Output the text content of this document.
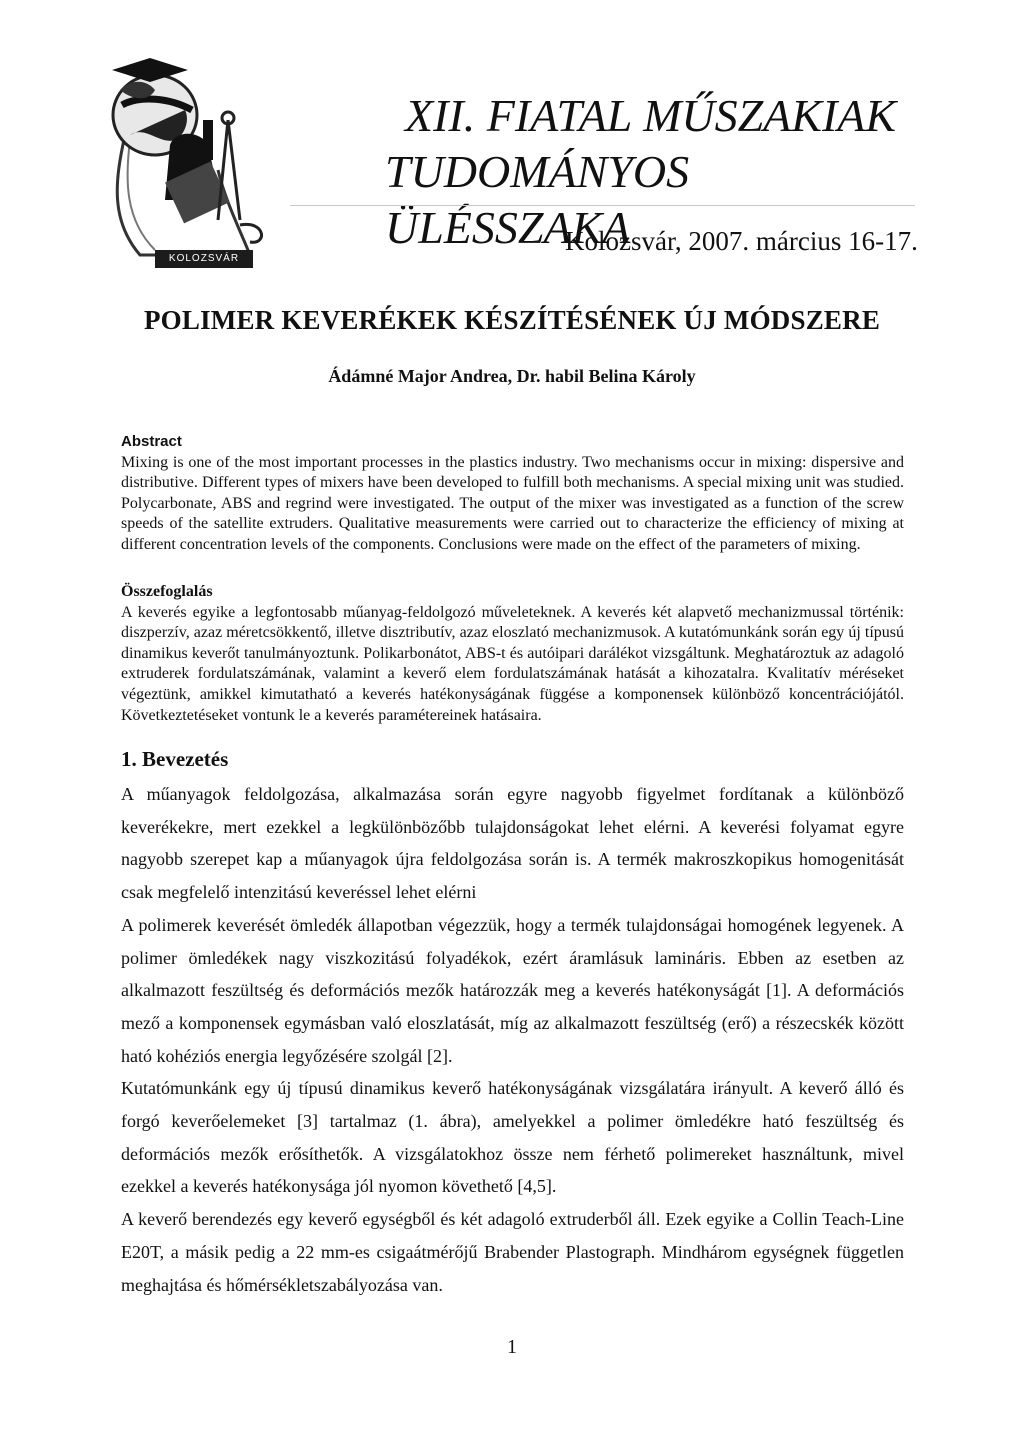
KOLOZSVÁR
XII. FIATAL MŰSZAKIAK
TUDOMÁNYOS ÜLÉSSZAKA
Kolozsvár, 2007. március 16-17.
POLIMER KEVERÉKEK KÉSZÍTÉSÉNEK ÚJ MÓDSZERE
Ádámné Major Andrea, Dr. habil Belina Károly
Abstract
Mixing is one of the most important processes in the plastics industry. Two mechanisms occur in mixing: dispersive and distributive. Different types of mixers have been developed to fulfill both mechanisms. A special mixing unit was studied. Polycarbonate, ABS and regrind were investigated. The output of the mixer was investigated as a function of the screw speeds of the satellite extruders. Qualitative measurements were carried out to characterize the efficiency of mixing at different concentration levels of the components. Conclusions were made on the effect of the parameters of mixing.
Összefoglalás
A keverés egyike a legfontosabb műanyag-feldolgozó műveleteknek. A keverés két alapvető mechanizmussal történik: diszperzív, azaz méretcsökkentő, illetve disztributív, azaz eloszlató mechanizmusok. A kutatómunkánk során egy új típusú dinamikus keverőt tanulmányoztunk. Polikarbonátot, ABS-t és autóipari darálékot vizsgáltunk. Meghatároztuk az adagoló extruderek fordulatszámának, valamint a keverő elem fordulatszámának hatását a kihozatalra. Kvalitatív méréseket végeztünk, amikkel kimutatható a keverés hatékonyságának függése a komponensek különböző koncentrációjától. Következtetéseket vontunk le a keverés paramétereinek hatásaira.
1. Bevezetés

A műanyagok feldolgozása, alkalmazása során egyre nagyobb figyelmet fordítanak a különböző keverékekre, mert ezekkel a legkülönbözőbb tulajdonságokat lehet elérni. A keverési folyamat egyre nagyobb szerepet kap a műanyagok újra feldolgozása során is. A termék makroszkopikus homogenitását csak megfelelő intenzitású keveréssel lehet elérni

A polimerek keverését ömledék állapotban végezzük, hogy a termék tulajdonságai homogének legyenek. A polimer ömledékek nagy viszkozitású folyadékok, ezért áramlásuk lamináris. Ebben az esetben az alkalmazott feszültség és deformációs mezők határozzák meg a keverés hatékonyságát [1]. A deformációs mező a komponensek egymásban való eloszlatását, míg az alkalmazott feszültség (erő) a részecskék között ható kohéziós energia legyőzésére szolgál [2].

Kutatómunkánk egy új típusú dinamikus keverő hatékonyságának vizsgálatára irányult. A keverő álló és forgó keverőelemeket [3] tartalmaz (1. ábra), amelyekkel a polimer ömledékre ható feszültség és deformációs mezők erősíthetők. A vizsgálatokhoz össze nem férhető polimereket használtunk, mivel ezekkel a keverés hatékonysága jól nyomon követhető [4,5].

A keverő berendezés egy keverő egységből és két adagoló extruderből áll. Ezek egyike a Collin Teach-Line E20T, a másik pedig a 22 mm-es csigaátmérőjű Brabender Plastograph. Mindhárom egységnek független meghajtása és hőmérsékletszabályozása van.

1
